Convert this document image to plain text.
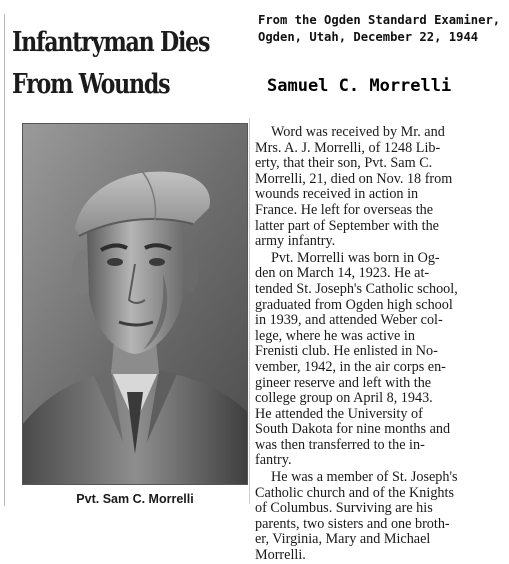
Infantryman Dies
From Wounds
From the Ogden Standard Examiner,
Ogden, Utah, December 22, 1944
Samuel C. Morrelli
Pvt. Sam C. Morrelli

Word was received by Mr. and
Mrs. A. J. Morrelli, of 1248 Lib-
erty, that their son, Pvt. Sam C.
Morrelli, 21, died on Nov. 18 from
wounds received in action in
France. He left for overseas the
latter part of September with the
army infantry.

Pvt. Morrelli was born in Og-
den on March 14, 1923. He at-
tended St. Joseph's Catholic school,
graduated from Ogden high school
in 1939, and attended Weber col-
lege, where he was active in
Frenisti club. He enlisted in No-
vember, 1942, in the air corps en-
gineer reserve and left with the
college group on April 8, 1943.
He attended the University of
South Dakota for nine months and
was then transferred to the in-
fantry.

He was a member of St. Joseph's
Catholic church and of the Knights
of Columbus. Surviving are his
parents, two sisters and one broth-
er, Virginia, Mary and Michael
Morrelli.
